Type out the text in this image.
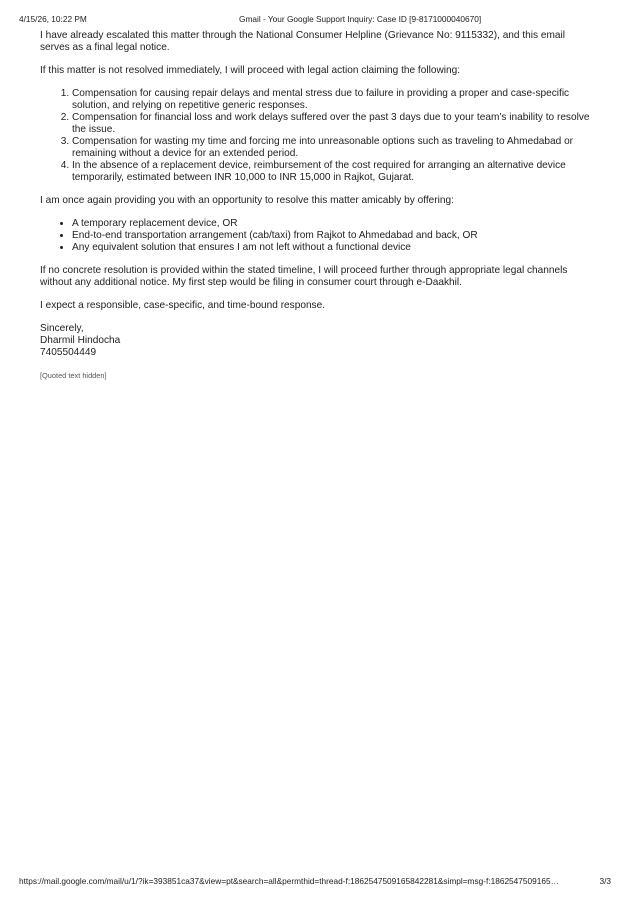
4/15/26, 10:22 PM	Gmail - Your Google Support Inquiry: Case ID [9-8171000040670]

I have already escalated this matter through the National Consumer Helpline (Grievance No: 9115332), and this email serves as a final legal notice.

If this matter is not resolved immediately, I will proceed with legal action claiming the following:

1. Compensation for causing repair delays and mental stress due to failure in providing a proper and case-specific solution, and relying on repetitive generic responses.
2. Compensation for financial loss and work delays suffered over the past 3 days due to your team’s inability to resolve the issue.
3. Compensation for wasting my time and forcing me into unreasonable options such as traveling to Ahmedabad or remaining without a device for an extended period.
4. In the absence of a replacement device, reimbursement of the cost required for arranging an alternative device temporarily, estimated between INR 10,000 to INR 15,000 in Rajkot, Gujarat.

I am once again providing you with an opportunity to resolve this matter amicably by offering:

• A temporary replacement device, OR
• End-to-end transportation arrangement (cab/taxi) from Rajkot to Ahmedabad and back, OR
• Any equivalent solution that ensures I am not left without a functional device

If no concrete resolution is provided within the stated timeline, I will proceed further through appropriate legal channels without any additional notice. My first step would be filing in consumer court through e-Daakhil.

I expect a responsible, case-specific, and time-bound response.

Sincerely,
Dharmil Hindocha
7405504449
[Quoted text hidden]
https://mail.google.com/mail/u/1/?ik=393851ca37&view=pt&search=all&permthid=thread-f:1862547509165842281&simpl=msg-f:1862547509165…	3/3
